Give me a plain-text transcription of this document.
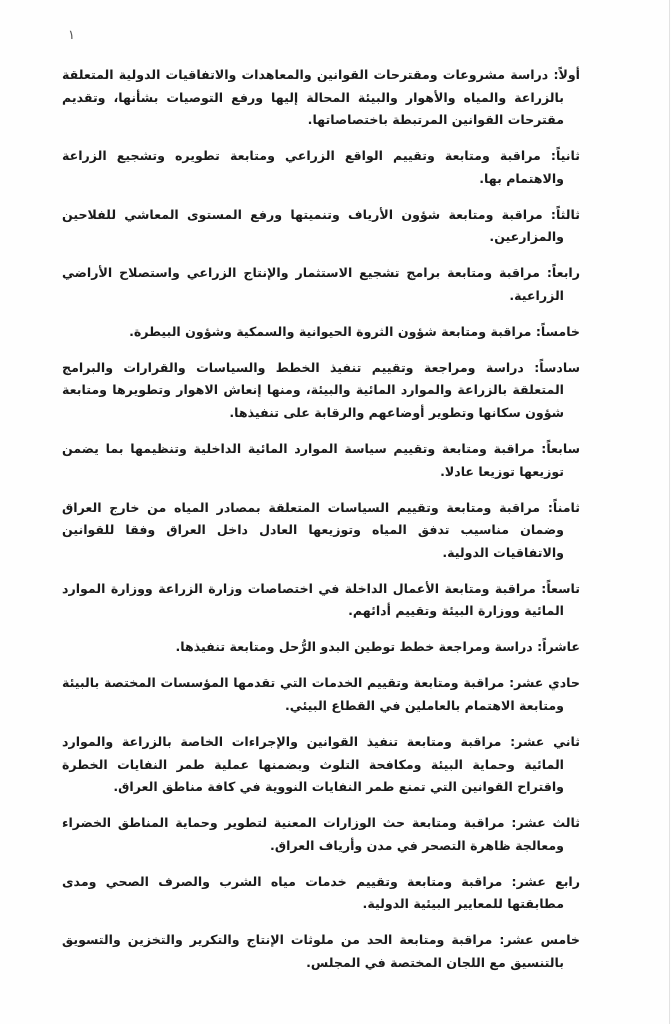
١

أولاً: دراسة مشروعات ومقترحات القوانين والمعاهدات والاتفاقيات الدولية المتعلقة بالزراعة والمياه والأهوار والبيئة المحالة إليها ورفع التوصيات بشأنها، وتقديم مقترحات القوانين المرتبطة باختصاصاتها.

ثانياً: مراقبة ومتابعة وتقييم الواقع الزراعي ومتابعة تطويره وتشجيع الزراعة والاهتمام بها.

ثالثاً: مراقبة ومتابعة شؤون الأرياف وتنميتها ورفع المستوى المعاشي للفلاحين والمزارعين.

رابعاً: مراقبة ومتابعة برامج تشجيع الاستثمار والإنتاج الزراعي واستصلاح الأراضي الزراعية.

خامساً: مراقبة ومتابعة شؤون الثروة الحيوانية والسمكية وشؤون البيطرة.

سادساً: دراسة ومراجعة وتقييم تنفيذ الخطط والسياسات والقرارات والبرامج المتعلقة بالزراعة والموارد المائية والبيئة، ومنها إنعاش الاهوار وتطويرها ومتابعة شؤون سكانها وتطوير أوضاعهم والرقابة على تنفيذها.

سابعاً: مراقبة ومتابعة وتقييم سياسة الموارد المائية الداخلية وتنظيمها بما يضمن توزيعها توزيعا عادلا.

ثامناً: مراقبة ومتابعة وتقييم السياسات المتعلقة بمصادر المياه من خارج العراق وضمان مناسيب تدفق المياه وتوزيعها العادل داخل العراق وفقا للقوانين والاتفاقيات الدولية.

تاسعاً: مراقبة ومتابعة الأعمال الداخلة في اختصاصات وزارة الزراعة ووزارة الموارد المائية ووزارة البيئة وتقييم أدائهم.

عاشراً: دراسة ومراجعة خطط توطين البدو الرُّحل ومتابعة تنفيذها.

حادي عشر: مراقبة ومتابعة وتقييم الخدمات التي تقدمها المؤسسات المختصة بالبيئة ومتابعة الاهتمام بالعاملين في القطاع البيئي.

ثاني عشر: مراقبة ومتابعة تنفيذ القوانين والإجراءات الخاصة بالزراعة والموارد المائية وحماية البيئة ومكافحة التلوث وبضمنها عملية طمر النفايات الخطرة واقتراح القوانين التي تمنع طمر النفايات النووية في كافة مناطق العراق.

ثالث عشر: مراقبة ومتابعة حث الوزارات المعنية لتطوير وحماية المناطق الخضراء ومعالجة ظاهرة التصحر في مدن وأرياف العراق.

رابع عشر: مراقبة ومتابعة وتقييم خدمات مياه الشرب والصرف الصحي ومدى مطابقتها للمعايير البيئية الدولية.

خامس عشر: مراقبة ومتابعة الحد من ملوثات الإنتاج والتكرير والتخزين والتسويق بالتنسيق مع اللجان المختصة في المجلس.
